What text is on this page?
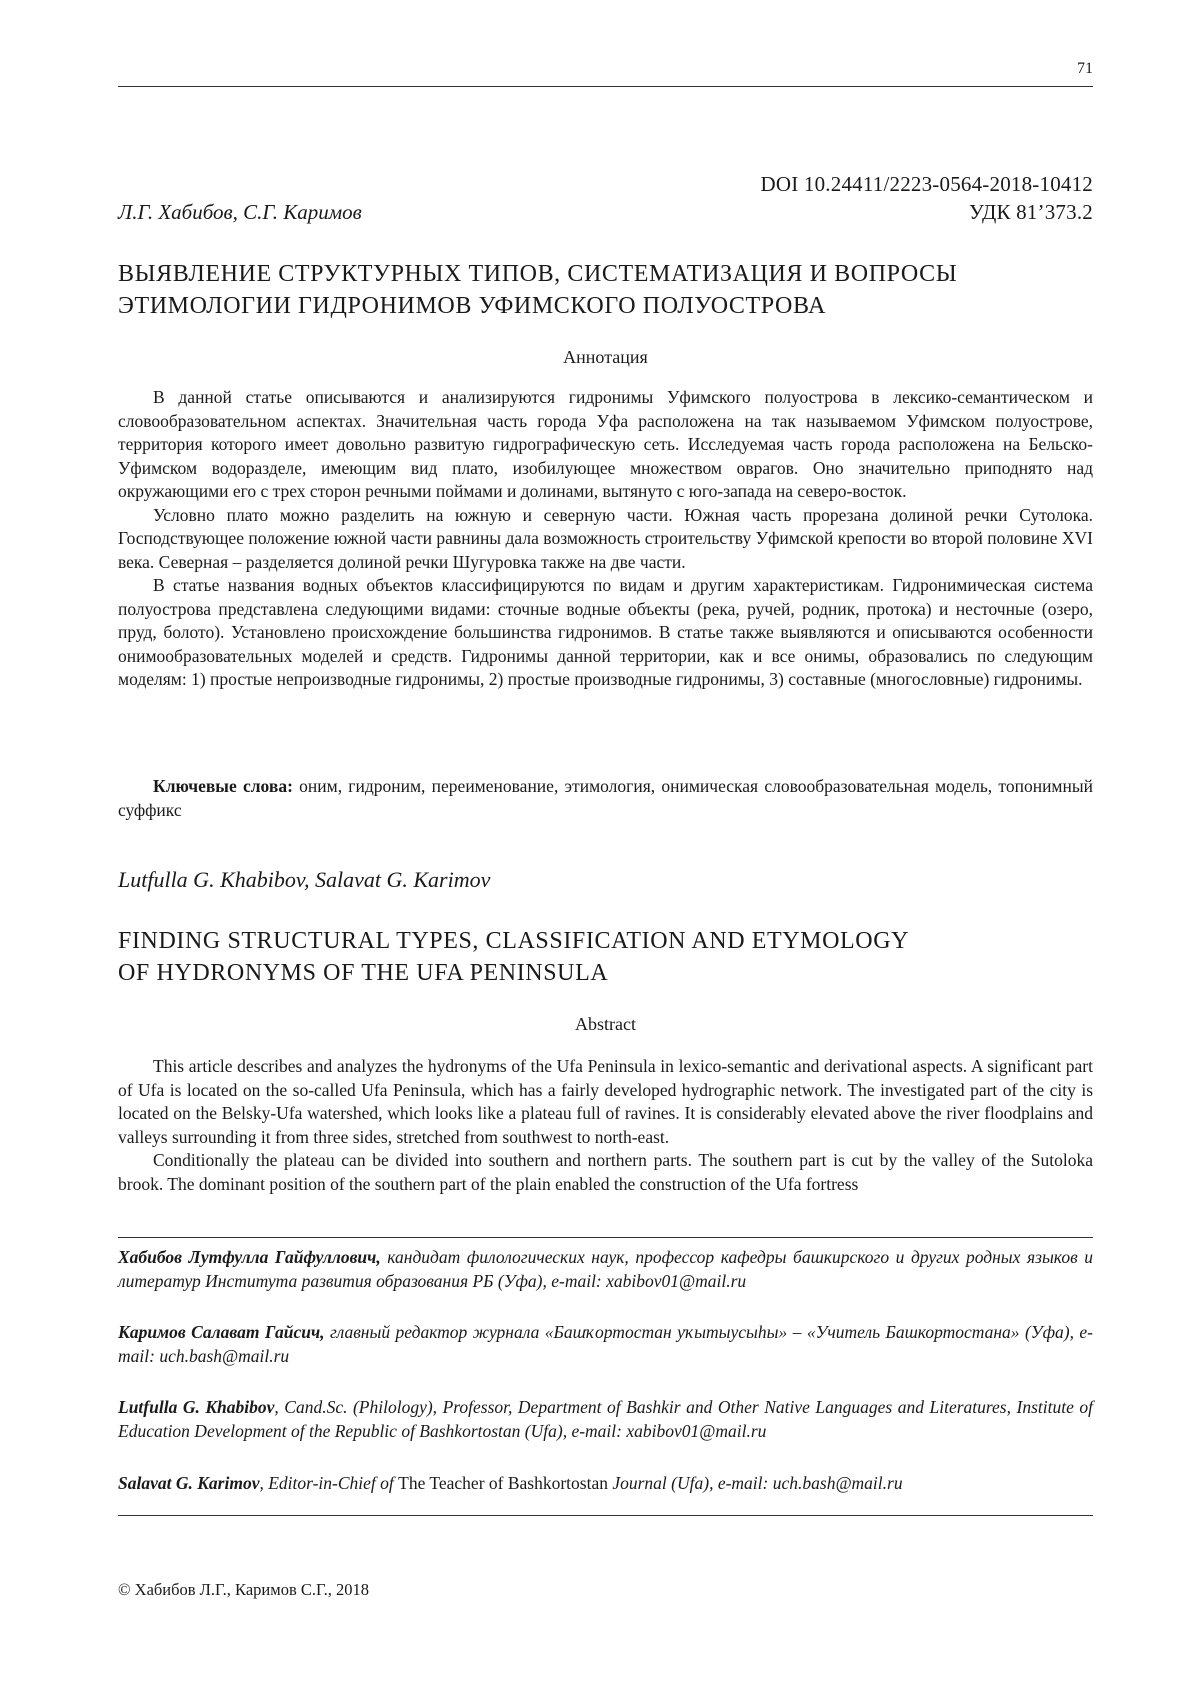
71
DOI 10.24411/2223-0564-2018-10412
Л.Г. Хабибов, С.Г. Каримов	УДК 81’373.2
ВЫЯВЛЕНИЕ СТРУКТУРНЫХ ТИПОВ, СИСТЕМАТИЗАЦИЯ И ВОПРОСЫ
ЭТИМОЛОГИИ ГИДРОНИМОВ УФИМСКОГО ПОЛУОСТРОВА
Аннотация

В данной статье описываются и анализируются гидронимы Уфимского полуострова в лексико-семантическом и словообразовательном аспектах. Значительная часть города Уфа расположена на так называемом Уфимском полуострове, территория которого имеет довольно развитую гидрографическую сеть. Исследуемая часть города расположена на Бельско-Уфимском водоразделе, имеющим вид плато, изобилующее множеством оврагов. Оно значительно приподнято над окружающими его с трех сторон речными поймами и долинами, вытянуто с юго-запада на северо-восток.

Условно плато можно разделить на южную и северную части. Южная часть прорезана долиной речки Сутолока. Господствующее положение южной части равнины дала возможность строительству Уфимской крепости во второй половине XVI века. Северная – разделяется долиной речки Шугуровка также на две части.

В статье названия водных объектов классифицируются по видам и другим характеристикам. Гидронимическая система полуострова представлена следующими видами: сточные водные объекты (река, ручей, родник, протока) и несточные (озеро, пруд, болото). Установлено происхождение большинства гидронимов. В статье также выявляются и описываются особенности онимообразовательных моделей и средств. Гидронимы данной территории, как и все онимы, образовались по следующим моделям: 1) простые непроизводные гидронимы, 2) простые производные гидронимы, 3) составные (многословные) гидронимы.

Ключевые слова: оним, гидроним, переименование, этимология, онимическая словообразовательная модель, топонимный суффикс

Lutfulla G. Khabibov, Salavat G. Karimov
FINDING STRUCTURAL TYPES, CLASSIFICATION AND ETYMOLOGY
OF HYDRONYMS OF THE UFA PENINSULA
Abstract

This article describes and analyzes the hydronyms of the Ufa Peninsula in lexico-semantic and derivational aspects. A significant part of Ufa is located on the so-called Ufa Peninsula, which has a fairly developed hydrographic network. The investigated part of the city is located on the Belsky-Ufa watershed, which looks like a plateau full of ravines. It is considerably elevated above the river floodplains and valleys surrounding it from three sides, stretched from southwest to north-east.

Conditionally the plateau can be divided into southern and northern parts. The southern part is cut by the valley of the Sutoloka brook. The dominant position of the southern part of the plain enabled the construction of the Ufa fortress

Хабибов Лутфулла Гайфуллович, кандидат филологических наук, профессор кафедры башкирского и других родных языков и литератур Института развития образования РБ (Уфа), e-mail: xabibov01@mail.ru

Каримов Салават Гайсич, главный редактор журнала «Башҡортостан уҡытыусыһы» – «Учитель Башкортостана» (Уфа), e-mail: uch.bash@mail.ru

Lutfulla G. Khabibov, Cand.Sc. (Philology), Professor, Department of Bashkir and Other Native Languages and Literatures, Institute of Education Development of the Republic of Bashkortostan (Ufa), e-mail: xabibov01@mail.ru

Salavat G. Karimov, Editor-in-Chief of The Teacher of Bashkortostan Journal (Ufa), e-mail: uch.bash@mail.ru

© Хабибов Л.Г., Каримов С.Г., 2018
